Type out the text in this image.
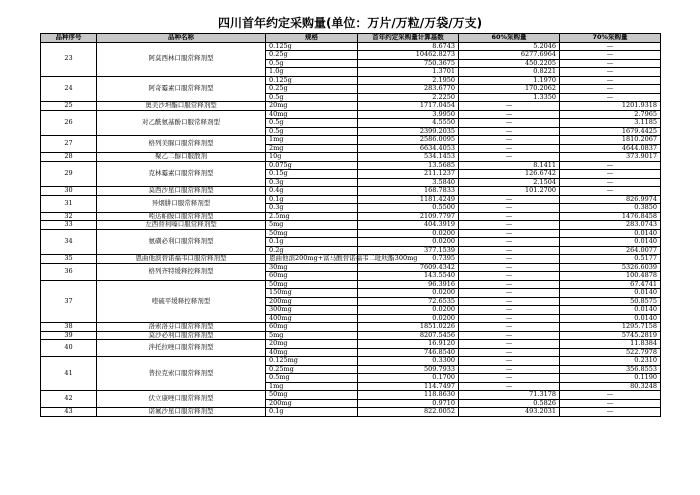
四川首年约定采购量(单位：万片/万粒/万袋/万支)
品种序号	品种名称	规格	首年约定采购量计算基数	60%采购量	70%采购量
23	阿莫西林口服常释剂型	0.125g	8.6743	5.2046	—
		0.25g	10462.8273	6277.6964	—
		0.5g	750.3675	450.2205	—
		1.0g	1.3701	0.8221	—
24	阿奇霉素口服常释剂型	0.125g	2.1950	1.1970	—
		0.25g	283.6770	170.2062	—
		0.5g	2.2250	1.3350	—
25	奥美沙坦酯口服常释剂型	20mg	1717.0454	—	1201.9318
26	对乙酰氨基酚口服常释剂型	40mg	3.9950	—	2.7965
		0.5g	4.5550	—	3.1185
		0.5g	2399.2035	—	1679.4425
27	格列美脲口服常释剂型	1mg	2586.0095	—	1810.2067
		2mg	6634.4053	—	4644.0837
28	聚乙二醇口服散剂	10g	534.1453	—	373.9017
29	克林霉素口服常释剂型	0.075g	13.5685	8.1411	—
		0.15g	211.1237	126.6742	—
		0.3g	3.5840	2.1504	—
30	莫西沙星口服常释剂型	0.4g	168.7833	101.2700	—
31	异烟肼口服常释剂型	0.1g	1181.4249	—	826.9974
		0.3g	0.5500	—	0.3850
32	吲达帕胺口服常释剂型	2.5mg	2109.7797	—	1476.8458
33	左西替利嗪口服常释剂型	5mg	404.3919	—	283.0743
34	氨磺必利口服常释剂型	50mg	0.0200	—	0.0140
		0.1g	0.0200	—	0.0140
		0.2g	377.1539	—	264.0077
35	恩曲他滨替诺福韦口服常释剂型	恩曲他滨200mg+富马酸替诺福韦二吡呋酯300mg	0.7395	—	0.5177
36	格列齐特缓释控释剂型	30mg	7609.4342	—	5326.6039
		60mg	143.5540	—	100.4878
37	喹硫平缓释控释剂型	50mg	96.3916	—	67.4741
		150mg	0.0200	—	0.0140
		200mg	72.6535	—	50.8575
		300mg	0.0200	—	0.0140
		400mg	0.0200	—	0.0140
38	洛索洛芬口服常释剂型	60mg	1851.0226	—	1295.7158
39	莫沙必利口服常释剂型	5mg	8207.5456	—	5745.2819
40	泮托拉唑口服常释剂型	20mg	16.9120	—	11.8384
		40mg	746.8540	—	522.7978
41	普拉克索口服常释剂型	0.125mg	0.3300	—	0.2310
		0.25mg	509.7933	—	356.8553
		0.5mg	0.1700	—	0.1190
		1mg	114.7497	—	80.3248
42	伏立康唑口服常释剂型	50mg	118.8630	71.3178	—
		200mg	0.9710	0.5826	—
43	诺氟沙星口服常释剂型	0.1g	822.0052	493.2031	—
